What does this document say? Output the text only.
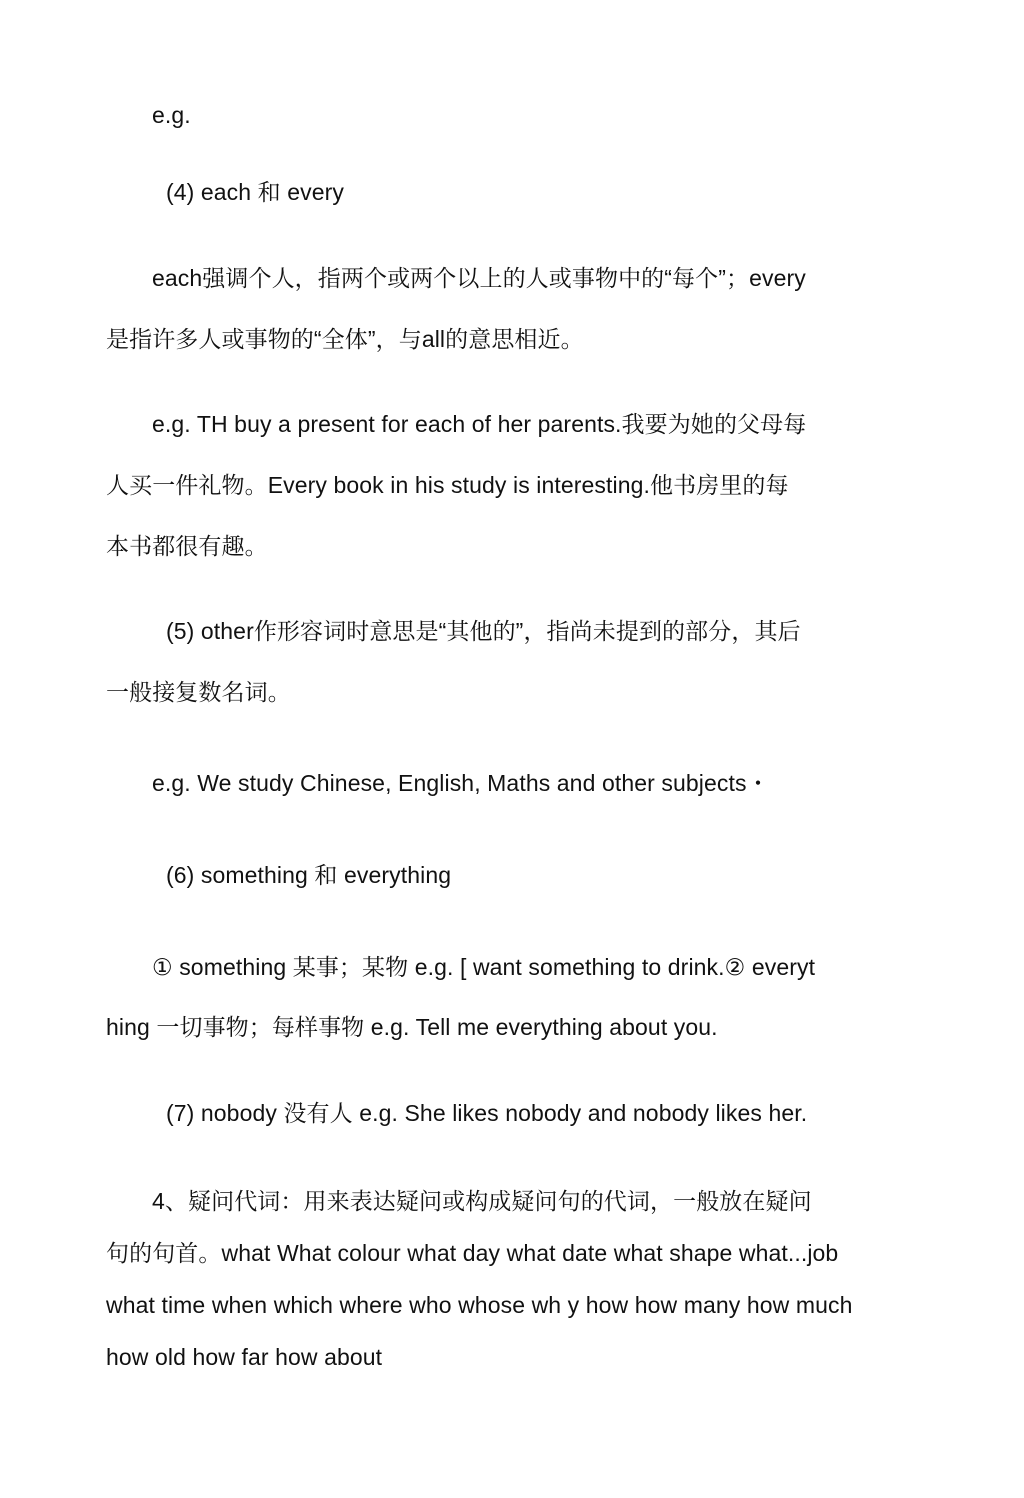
e.g.
(4) each 和 every
each强调个人，指两个或两个以上的人或事物中的“每个”；every
是指许多人或事物的“全体”，与all的意思相近。
e.g. TH buy a present for each of her parents.我要为她的父母每
人买一件礼物。Every book in his study is interesting.他书房里的每
本书都很有趣。
(5) other作形容词时意思是“其他的”，指尚未提到的部分，其后
一般接复数名词。
e.g. We study Chinese, English, Maths and other subjects・
(6) something 和 everything
① something 某事；某物 e.g. [ want something to drink.② everyt
hing 一切事物；每样事物 e.g. Tell me everything about you.
(7) nobody 没有人 e.g. She likes nobody and nobody likes her.
4、疑问代词：用来表达疑问或构成疑问句的代词，一般放在疑问
句的句首。what What colour what day what date what shape what...job
what time when which where who whose wh y how how many how much
how old how far how about
